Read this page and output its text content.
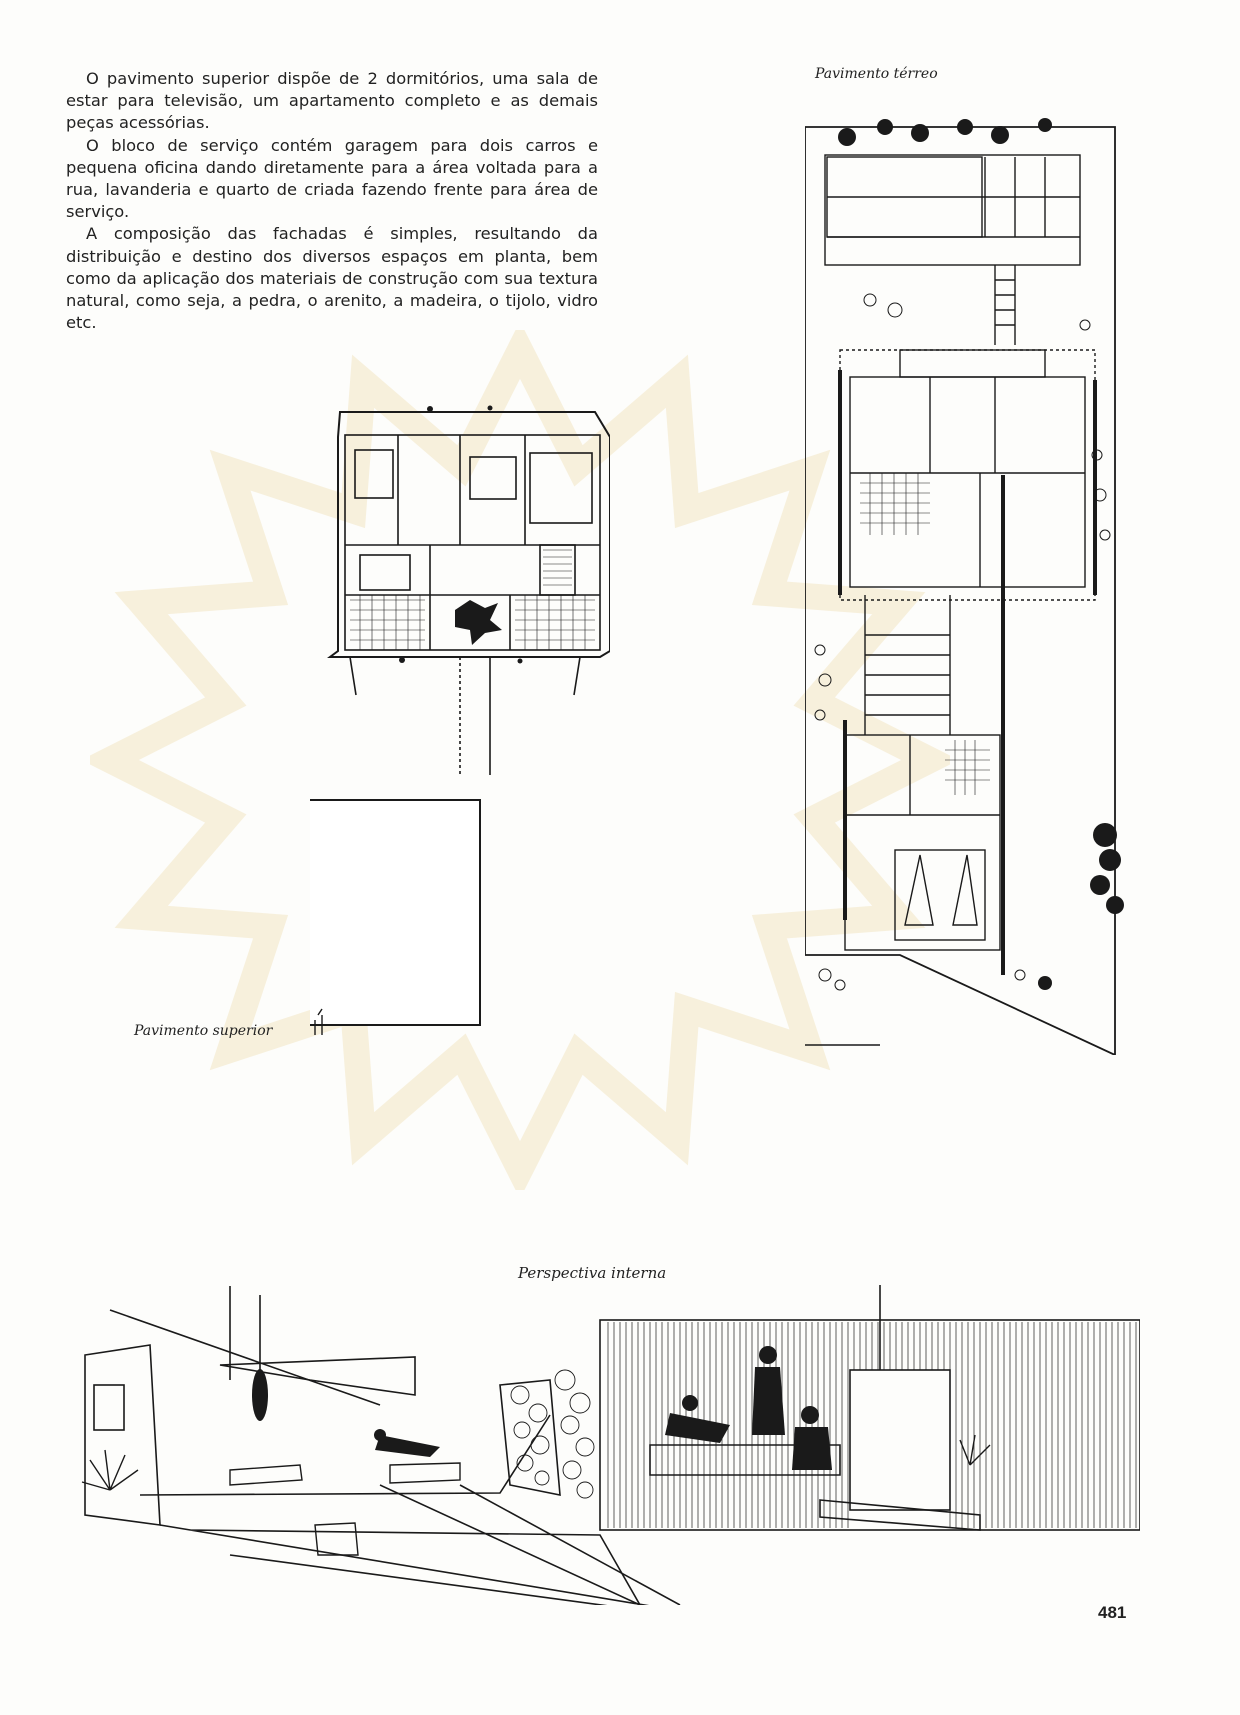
O pavimento superior dispõe de 2 dormitórios, uma sala de estar para televisão, um apartamento completo e as demais peças acessórias.

O bloco de serviço contém garagem para dois carros e pequena oficina dando diretamente para a área voltada para a rua, lavanderia e quarto de criada fazendo frente para área de serviço.

A composição das fachadas é simples, resultando da distribuição e destino dos diversos espaços em planta, bem como da aplicação dos materiais de construção com sua textura natural, como seja, a pedra, o arenito, a madeira, o tijolo, vidro etc.

Pavimento térreo
Pavimento superior
Perspectiva interna
481
